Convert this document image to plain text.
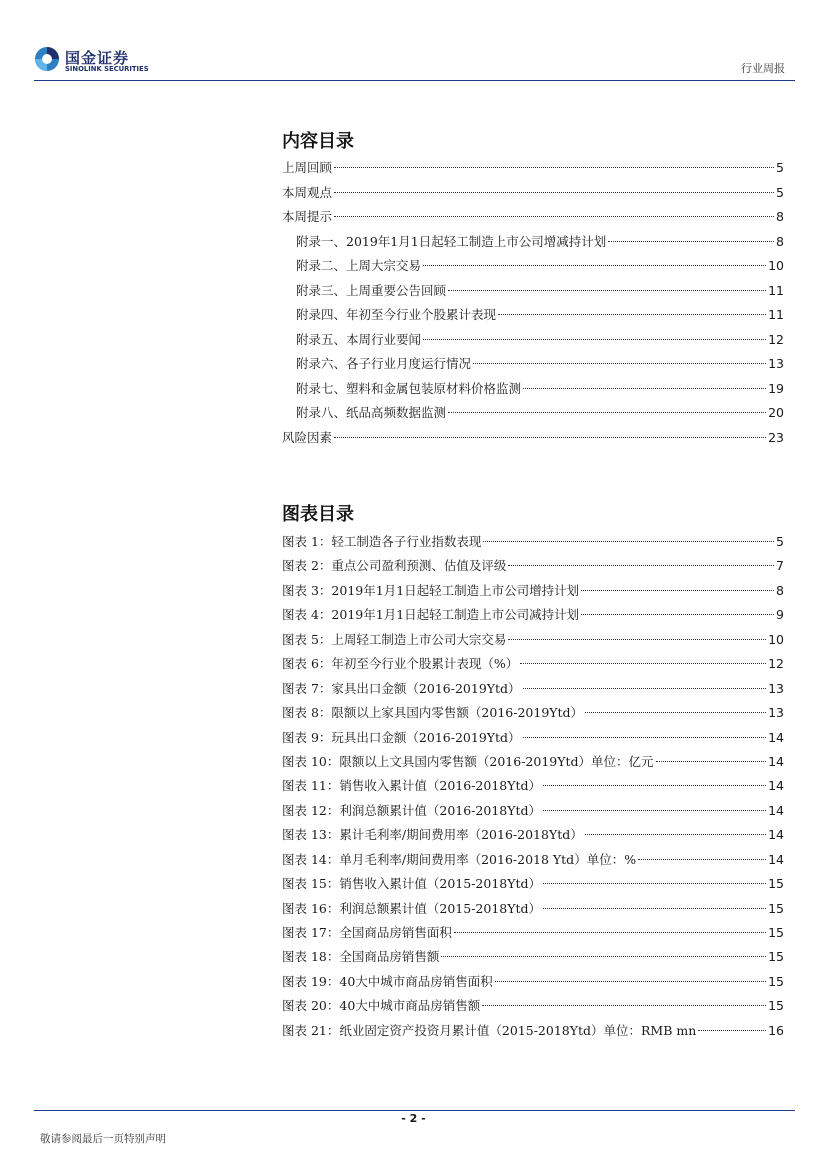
国金证券
SINOLINK SECURITIES	行业周报
内容目录
上周回顾	5
本周观点	5
本周提示	8
附录一、2019年1月1日起轻工制造上市公司增减持计划	8
附录二、上周大宗交易	10
附录三、上周重要公告回顾	11
附录四、年初至今行业个股累计表现	11
附录五、本周行业要闻	12
附录六、各子行业月度运行情况	13
附录七、塑料和金属包装原材料价格监测	19
附录八、纸品高频数据监测	20
风险因素	23
图表目录
图表 1：轻工制造各子行业指数表现	5
图表 2：重点公司盈利预测、估值及评级	7
图表 3：2019年1月1日起轻工制造上市公司增持计划	8
图表 4：2019年1月1日起轻工制造上市公司减持计划	9
图表 5：上周轻工制造上市公司大宗交易	10
图表 6：年初至今行业个股累计表现（%）	12
图表 7：家具出口金额（2016-2019Ytd）	13
图表 8：限额以上家具国内零售额（2016-2019Ytd）	13
图表 9：玩具出口金额（2016-2019Ytd）	14
图表 10：限额以上文具国内零售额（2016-2019Ytd）单位：亿元	14
图表 11：销售收入累计值（2016-2018Ytd）	14
图表 12：利润总额累计值（2016-2018Ytd）	14
图表 13：累计毛利率/期间费用率（2016-2018Ytd）	14
图表 14：单月毛利率/期间费用率（2016-2018 Ytd）单位：%	14
图表 15：销售收入累计值（2015-2018Ytd）	15
图表 16：利润总额累计值（2015-2018Ytd）	15
图表 17：全国商品房销售面积	15
图表 18：全国商品房销售额	15
图表 19：40大中城市商品房销售面积	15
图表 20：40大中城市商品房销售额	15
图表 21：纸业固定资产投资月累计值（2015-2018Ytd）单位：RMB mn	16
- 2 -
敬请参阅最后一页特别声明
